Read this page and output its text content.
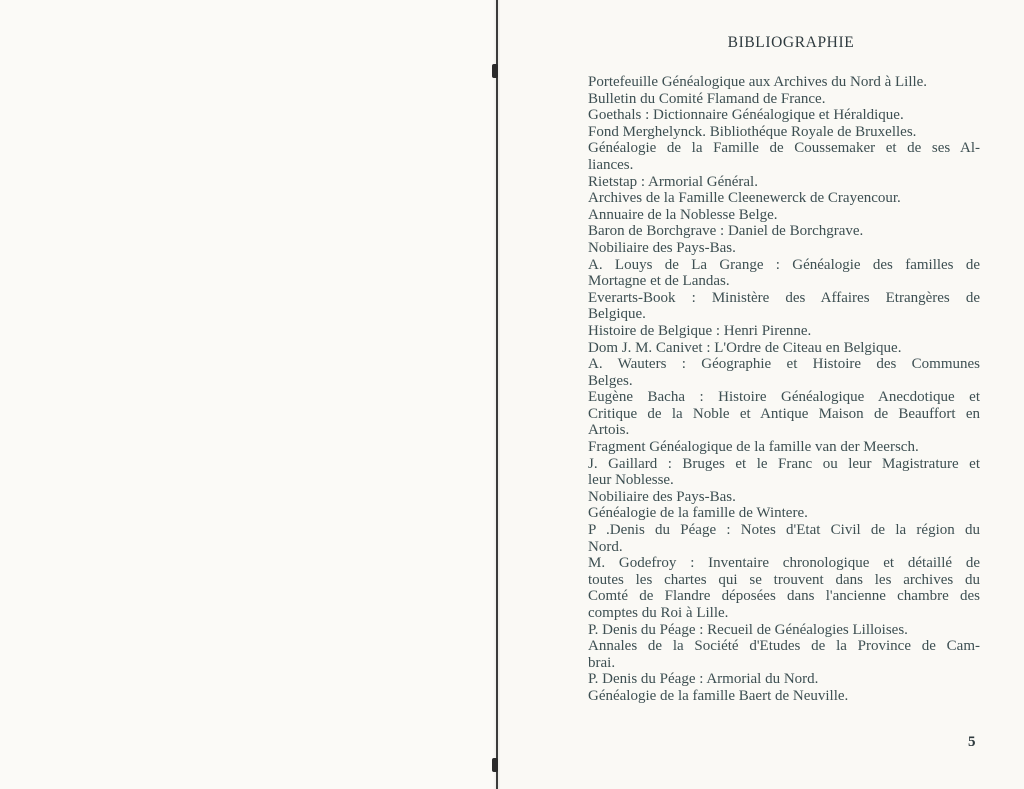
BIBLIOGRAPHIE
Portefeuille Généalogique aux Archives du Nord à Lille.
Bulletin du Comité Flamand de France.
Goethals : Dictionnaire Généalogique et Héraldique.
Fond Merghelynck. Bibliothéque Royale de Bruxelles.
Généalogie de la Famille de Coussemaker et de ses Al-
liances.
Rietstap : Armorial Général.
Archives de la Famille Cleenewerck de Crayencour.
Annuaire de la Noblesse Belge.
Baron de Borchgrave : Daniel de Borchgrave.
Nobiliaire des Pays-Bas.
A. Louys de La Grange : Généalogie des familles de
Mortagne et de Landas.
Everarts-Book : Ministère des Affaires Etrangères de
Belgique.
Histoire de Belgique : Henri Pirenne.
Dom J. M. Canivet : L'Ordre de Citeau en Belgique.
A. Wauters : Géographie et Histoire des Communes
Belges.
Eugène Bacha : Histoire Généalogique Anecdotique et
Critique de la Noble et Antique Maison de Beauffort en
Artois.
Fragment Généalogique de la famille van der Meersch.
J. Gaillard : Bruges et le Franc ou leur Magistrature et
leur Noblesse.
Nobiliaire des Pays-Bas.
Généalogie de la famille de Wintere.
P .Denis du Péage : Notes d'Etat Civil de la région du
Nord.
M. Godefroy : Inventaire chronologique et détaillé de
toutes les chartes qui se trouvent dans les archives du
Comté de Flandre déposées dans l'ancienne chambre des
comptes du Roi à Lille.
P. Denis du Péage : Recueil de Généalogies Lilloises.
Annales de la Société d'Etudes de la Province de Cam-
brai.
P. Denis du Péage : Armorial du Nord.
Généalogie de la famille Baert de Neuville.
5
